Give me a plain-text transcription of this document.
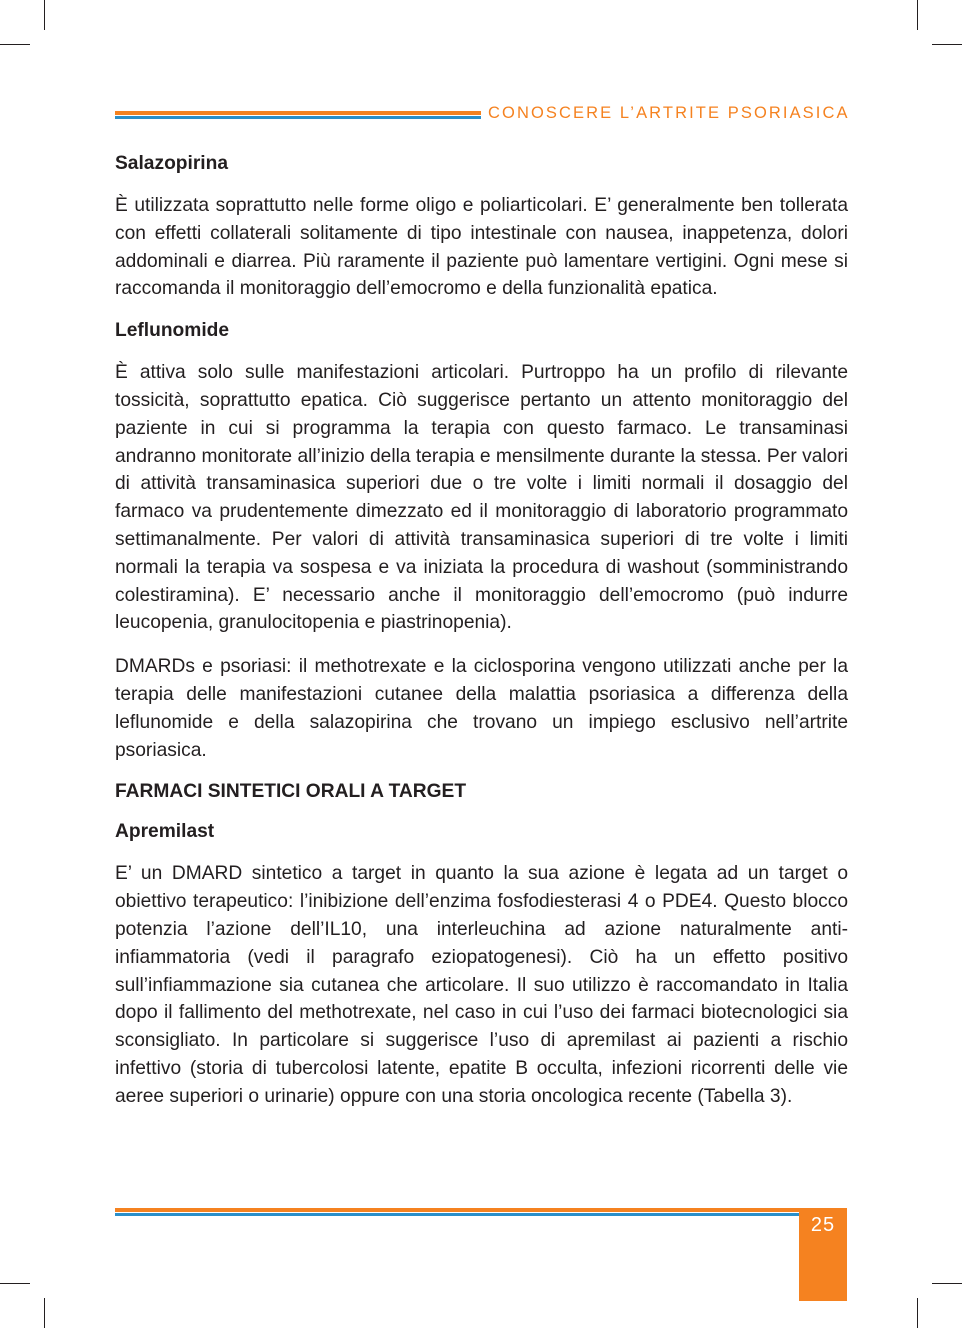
CONOSCERE L’ARTRITE PSORIASICA
Salazopirina

È utilizzata soprattutto nelle forme oligo e poliarticolari. E’ generalmente ben tollerata con effetti collaterali solitamente di tipo intestinale con nausea, inappetenza, dolori addominali e diarrea. Più raramente il paziente può lamentare vertigini. Ogni mese si raccomanda il monitoraggio dell’emocromo e della funzionalità epatica.

Leflunomide

È attiva solo sulle manifestazioni articolari. Purtroppo ha un profilo di rilevante tossicità, soprattutto epatica. Ciò suggerisce pertanto un attento monitoraggio del paziente in cui si programma la terapia con questo farmaco. Le transaminasi andranno monitorate all’inizio della terapia e mensilmente durante la stessa. Per valori di attività transaminasica superiori due o tre volte i limiti normali il dosaggio del farmaco va prudentemente dimezzato ed il monitoraggio di laboratorio programmato settimanalmente. Per valori di attività transaminasica superiori di tre volte i limiti normali la terapia va sospesa e va iniziata la procedura di washout (somministrando colestiramina). E’ necessario anche il monitoraggio dell’emocromo (può indurre leucopenia, granulocitopenia e piastrinopenia).

DMARDs e psoriasi: il methotrexate e la ciclosporina vengono utilizzati anche per la terapia delle manifestazioni cutanee della malattia psoriasica a differenza della leflunomide e della salazopirina che trovano un impiego esclusivo nell’artrite psoriasica.

FARMACI SINTETICI ORALI A TARGET
Apremilast

E’ un DMARD sintetico a target in quanto la sua azione è legata ad un target o obiettivo terapeutico: l’inibizione dell’enzima fosfodiesterasi 4 o PDE4. Questo blocco potenzia l’azione dell’IL10, una interleuchina ad azione naturalmente anti-infiammatoria (vedi il paragrafo eziopatogenesi). Ciò ha un effetto positivo sull’infiammazione sia cutanea che articolare. Il suo utilizzo è raccomandato in Italia dopo il fallimento del methotrexate, nel caso in cui l’uso dei farmaci biotecnologici sia sconsigliato. In particolare si suggerisce l’uso di apremilast ai pazienti a rischio infettivo (storia di tubercolosi latente, epatite B occulta, infezioni ricorrenti delle vie aeree superiori o urinarie) oppure con una storia oncologica recente (Tabella 3).

25
